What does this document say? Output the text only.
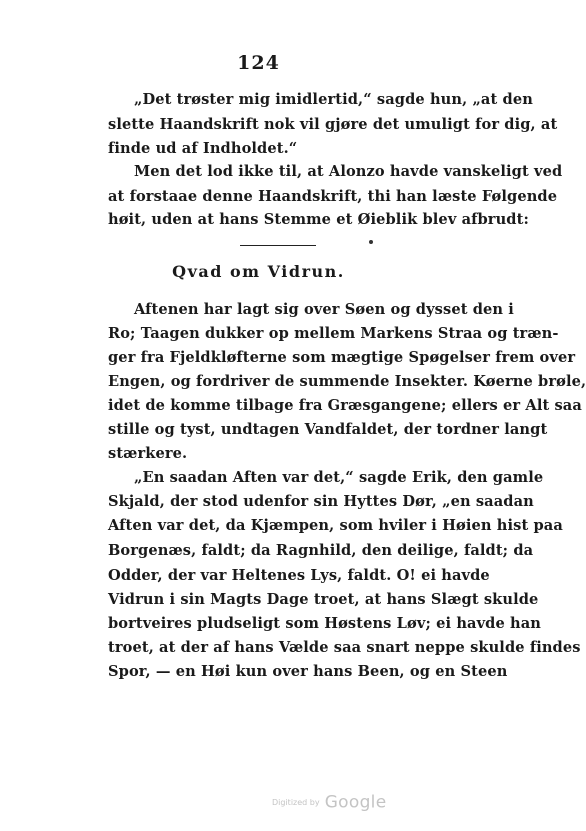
124
„Det trøster mig imidlertid,“ sagde hun, „at den
slette Haandskrift nok vil gjøre det umuligt for dig, at
finde ud af Indholdet.“
Men det lod ikke til, at Alonzo havde vanskeligt ved
at forstaae denne Haandskrift, thi han læste Følgende
høit, uden at hans Stemme et Øieblik blev afbrudt:
Qvad om Vidrun.
Aftenen har lagt sig over Søen og dysset den i
Ro; Taagen dukker op mellem Markens Straa og træn-
ger fra Fjeldkløfterne som mægtige Spøgelser frem over
Engen, og fordriver de summende Insekter. Køerne brøle,
idet de komme tilbage fra Græsgangene; ellers er Alt saa
stille og tyst, undtagen Vandfaldet, der tordner langt
stærkere.
„En saadan Aften var det,“ sagde Erik, den gamle
Skjald, der stod udenfor sin Hyttes Dør, „en saadan
Aften var det, da Kjæmpen, som hviler i Høien hist paa
Borgenæs, faldt; da Ragnhild, den deilige, faldt; da
Odder, der var Heltenes Lys, faldt. O! ei havde
Vidrun i sin Magts Dage troet, at hans Slægt skulde
bortveires pludseligt som Høstens Løv; ei havde han
troet, at der af hans Vælde saa snart neppe skulde findes
Spor, — en Høi kun over hans Been, og en Steen
Digitized by Google
